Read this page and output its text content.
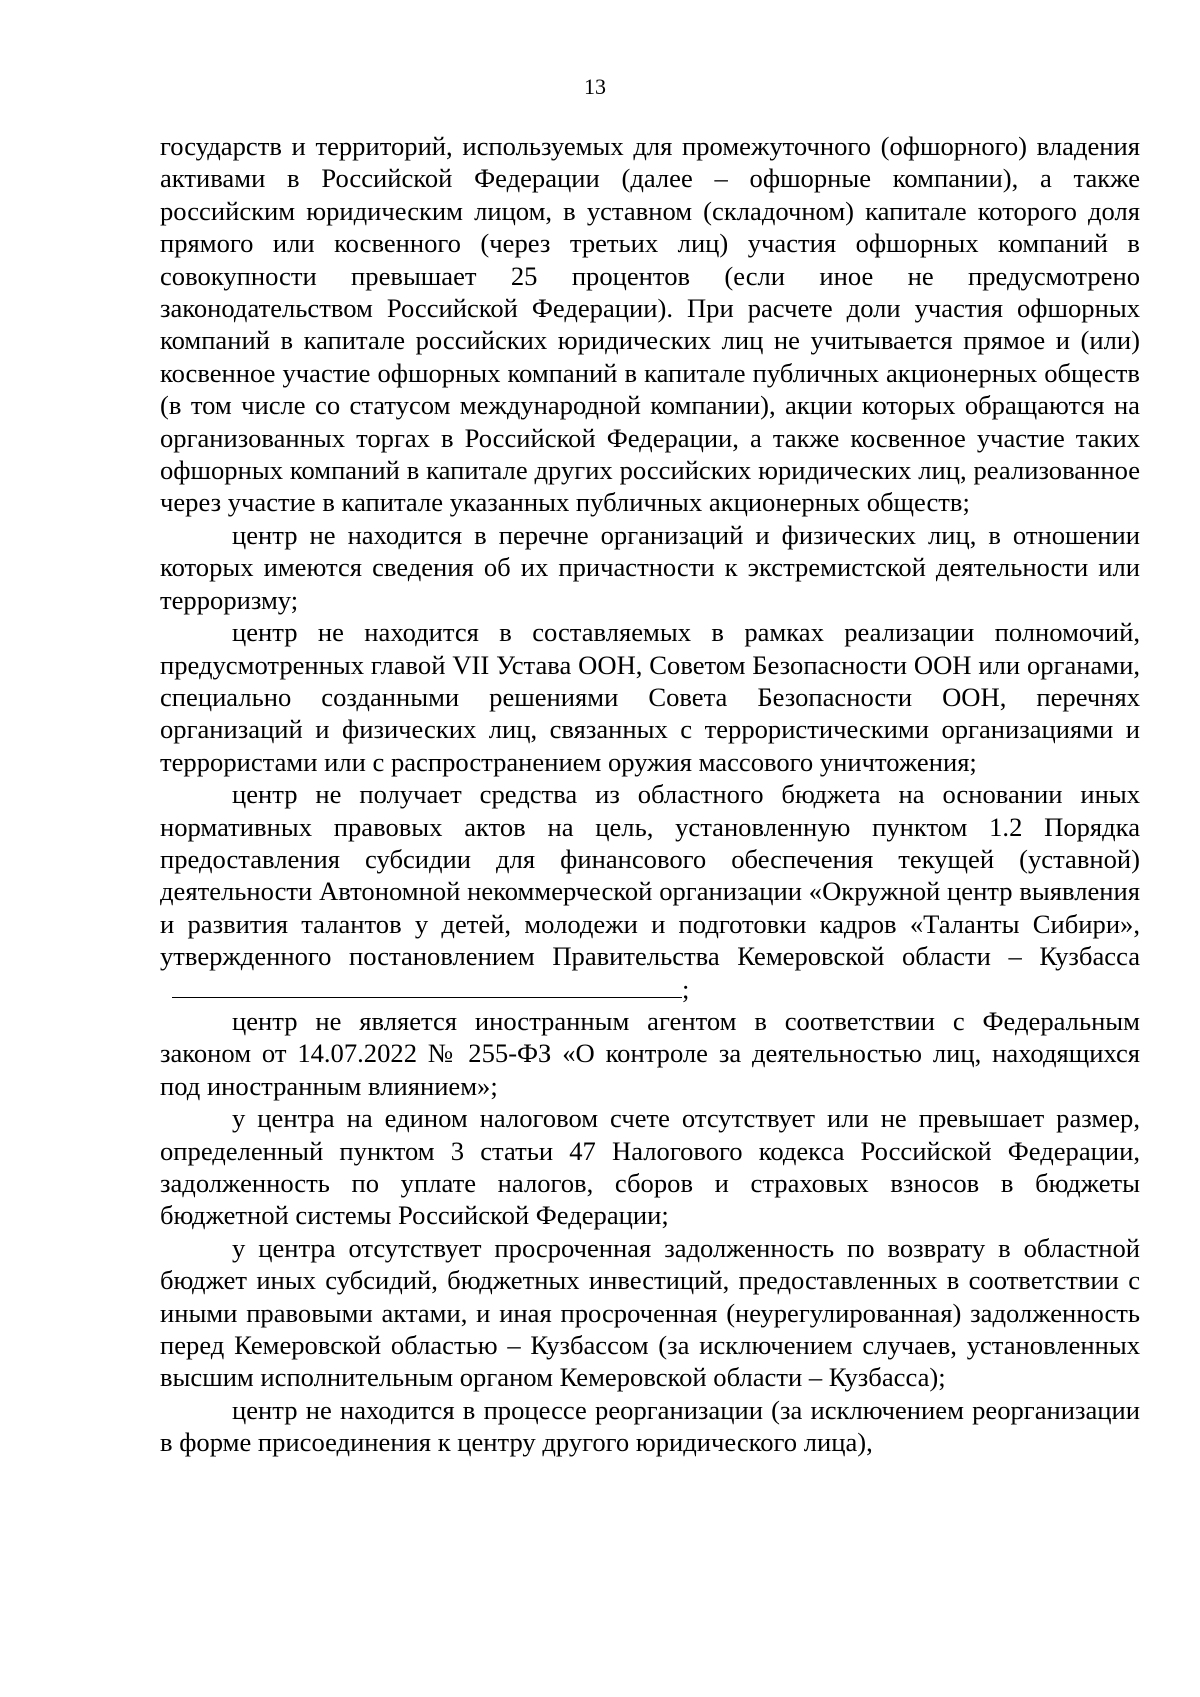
13

государств и территорий, используемых для промежуточного (офшорного) владения активами в Российской Федерации (далее – офшорные компании), а также российским юридическим лицом, в уставном (складочном) капитале которого доля прямого или косвенного (через третьих лиц) участия офшорных компаний в совокупности превышает 25 процентов (если иное не предусмотрено законодательством Российской Федерации). При расчете доли участия офшорных компаний в капитале российских юридических лиц не учитывается прямое и (или) косвенное участие офшорных компаний в капитале публичных акционерных обществ (в том числе со статусом международной компании), акции которых обращаются на организованных торгах в Российской Федерации, а также косвенное участие таких офшорных компаний в капитале других российских юридических лиц, реализованное через участие в капитале указанных публичных акционерных обществ;

центр не находится в перечне организаций и физических лиц, в отношении которых имеются сведения об их причастности к экстремистской деятельности или терроризму;

центр не находится в составляемых в рамках реализации полномочий, предусмотренных главой VII Устава ООН, Советом Безопасности ООН или органами, специально созданными решениями Совета Безопасности ООН, перечнях организаций и физических лиц, связанных с террористическими организациями и террористами или с распространением оружия массового уничтожения;

центр не получает средства из областного бюджета на основании иных нормативных правовых актов на цель, установленную пунктом 1.2 Порядка предоставления субсидии для финансового обеспечения текущей (уставной) деятельности Автономной некоммерческой организации «Окружной центр выявления и развития талантов у детей, молодежи и подготовки кадров «Таланты Сибири», утвержденного постановлением Правительства Кемеровской области – Кузбасса;

центр не является иностранным агентом в соответствии с Федеральным законом от 14.07.2022 № 255-ФЗ «О контроле за деятельностью лиц, находящихся под иностранным влиянием»;

у центра на едином налоговом счете отсутствует или не превышает размер, определенный пунктом 3 статьи 47 Налогового кодекса Российской Федерации, задолженность по уплате налогов, сборов и страховых взносов в бюджеты бюджетной системы Российской Федерации;

у центра отсутствует просроченная задолженность по возврату в областной бюджет иных субсидий, бюджетных инвестиций, предоставленных в соответствии с иными правовыми актами, и иная просроченная (неурегулированная) задолженность перед Кемеровской областью – Кузбассом (за исключением случаев, установленных высшим исполнительным органом Кемеровской области – Кузбасса);

центр не находится в процессе реорганизации (за исключением реорганизации в форме присоединения к центру другого юридического лица),
